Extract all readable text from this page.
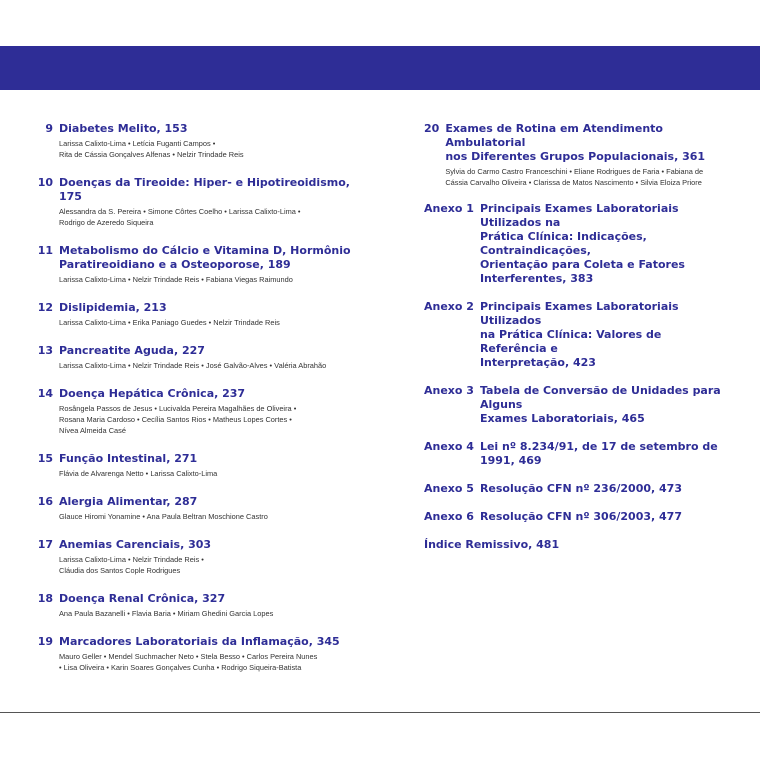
9 Diabetes Melito, 153
Larissa Calixto-Lima • Letícia Fuganti Campos •
Rita de Cássia Gonçalves Alfenas • Nelzir Trindade Reis
10 Doenças da Tireoide: Hiper- e Hipotireoidismo, 175
Alessandra da S. Pereira • Simone Côrtes Coelho • Larissa Calixto-Lima •
Rodrigo de Azeredo Siqueira
11 Metabolismo do Cálcio e Vitamina D, Hormônio Paratireoidiano e a Osteoporose, 189
Larissa Calixto-Lima • Nelzir Trindade Reis • Fabiana Viegas Raimundo
12 Dislipidemia, 213
Larissa Calixto-Lima • Erika Paniago Guedes • Nelzir Trindade Reis
13 Pancreatite Aguda, 227
Larissa Calixto-Lima • Nelzir Trindade Reis • José Galvão-Alves • Valéria Abrahão
14 Doença Hepática Crônica, 237
Rosângela Passos de Jesus • Lucivalda Pereira Magalhães de Oliveira •
Rosana Maria Cardoso • Cecília Santos Rios • Matheus Lopes Cortes •
Nívea Almeida Casé
15 Função Intestinal, 271
Flávia de Alvarenga Netto • Larissa Calixto-Lima
16 Alergia Alimentar, 287
Glauce Hiromi Yonamine • Ana Paula Beltran Moschione Castro
17 Anemias Carenciais, 303
Larissa Calixto-Lima • Nelzir Trindade Reis •
Cláudia dos Santos Cople Rodrigues
18 Doença Renal Crônica, 327
Ana Paula Bazanelli • Flavia Baria • Miriam Ghedini Garcia Lopes
19 Marcadores Laboratoriais da Inflamação, 345
Mauro Geller • Mendel Suchmacher Neto • Stela Besso • Carlos Pereira Nunes
• Lisa Oliveira • Karin Soares Gonçalves Cunha • Rodrigo Siqueira-Batista
20 Exames de Rotina em Atendimento Ambulatorial
nos Diferentes Grupos Populacionais, 361
Sylvia do Carmo Castro Franceschini • Eliane Rodrigues de Faria • Fabiana de
Cássia Carvalho Oliveira • Clarissa de Matos Nascimento • Silvia Eloiza Priore
Anexo 1 Principais Exames Laboratoriais Utilizados na
Prática Clínica: Indicações, Contraindicações,
Orientação para Coleta e Fatores
Interferentes, 383
Anexo 2 Principais Exames Laboratoriais Utilizados
na Prática Clínica: Valores de Referência e
Interpretação, 423
Anexo 3 Tabela de Conversão de Unidades para Alguns
Exames Laboratoriais, 465
Anexo 4 Lei nº 8.234/91, de 17 de setembro de
1991, 469
Anexo 5 Resolução CFN nº 236/2000, 473
Anexo 6 Resolução CFN nº 306/2003, 477
Índice Remissivo, 481
